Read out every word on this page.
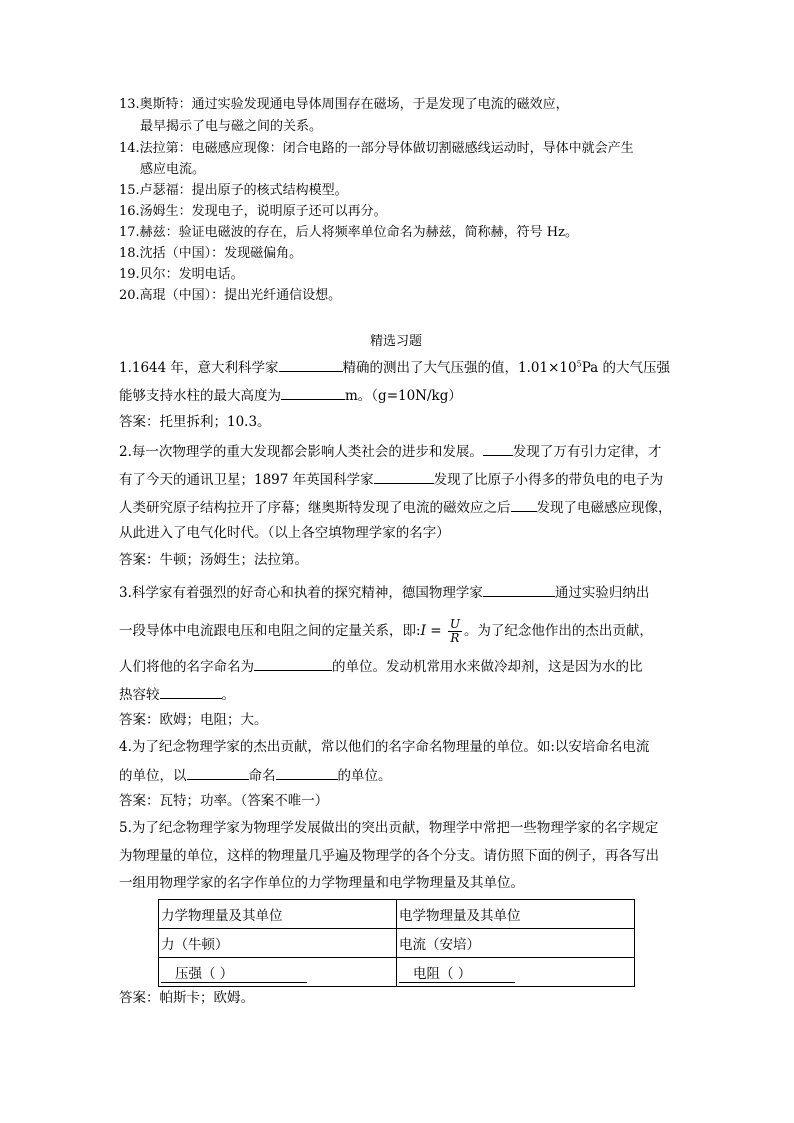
13.奥斯特：通过实验发现通电导体周围存在磁场，于是发现了电流的磁效应，
最早揭示了电与磁之间的关系。
14.法拉第：电磁感应现像：闭合电路的一部分导体做切割磁感线运动时，导体中就会产生
感应电流。
15.卢瑟福：提出原子的核式结构模型。
16.汤姆生：发现电子，说明原子还可以再分。
17.赫兹：验证电磁波的存在，后人将频率单位命名为赫兹，简称赫，符号 Hz。
18.沈括（中国）：发现磁偏角。
19.贝尔：发明电话。
20.高琨（中国）：提出光纤通信设想。
精选习题
1.1644 年，意大利科学家	精确的测出了大气压强的值，$1.01\times 10^5Pa$ 的大气压强
能够支持水柱的最大高度为	m。（g=10N/kg）
答案：托里拆利；10.3。
2.每一次物理学的重大发现都会影响人类社会的进步和发展。 发现了万有引力定律，才
有了今天的通讯卫星；1897 年英国科学家	发现了比原子小得多的带负电的电子为
人类研究原子结构拉开了序幕；继奥斯特发现了电流的磁效应之后 发现了电磁感应现像，
从此进入了电气化时代。（以上各空填物理学家的名字）
答案：牛顿；汤姆生；法拉第。
3.科学家有着强烈的好奇心和执着的探究精神，德国物理学家	通过实验归纳出
一段导体中电流跟电压和电阻之间的定量关系，即:I = $\frac{U}{R}$ 。为了纪念他作出的杰出贡献，
人们将他的名字命名为	的单位。发动机常用水来做冷却剂，这是因为水的比
热容较	。
答案：欧姆；电阻；大。
4.为了纪念物理学家的杰出贡献，常以他们的名字命名物理量的单位。如:以安培命名电流
的单位，以	命名	的单位。
答案：瓦特；功率。（答案不唯一）
5.为了纪念物理学家为物理学发展做出的突出贡献，物理学中常把一些物理学家的名字规定
为物理量的单位，这样的物理量几乎遍及物理学的各个分支。请仿照下面的例子，再各写出
一组用物理学家的名字作单位的力学物理量和电学物理量及其单位。
力学物理量及其单位	电学物理量及其单位
力（牛顿）	电流（安培）
压强（ ）	电阻（ ）
答案：帕斯卡；欧姆。
